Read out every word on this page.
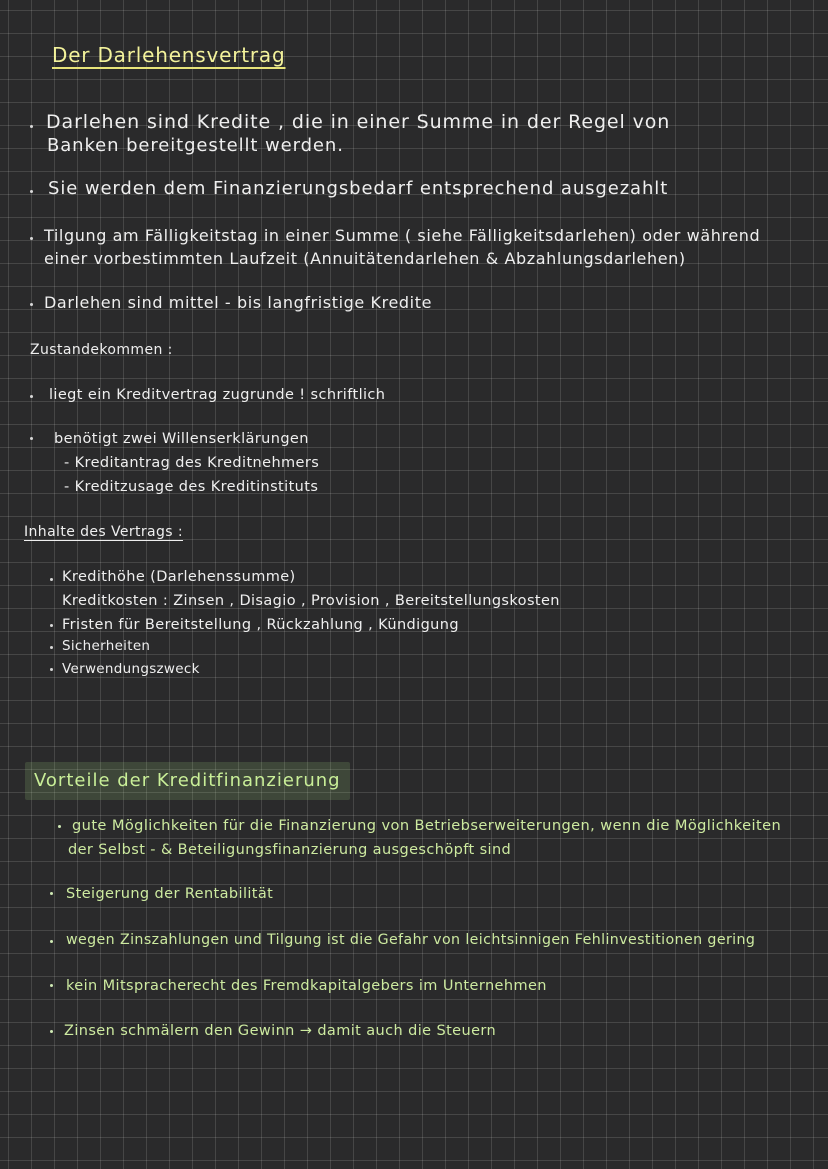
Der Darlehensvertrag
Darlehen sind Kredite , die in einer Summe in der Regel von
Banken bereitgestellt werden.
Sie werden dem Finanzierungsbedarf entsprechend ausgezahlt
Tilgung am Fälligkeitstag in einer Summe ( siehe Fälligkeitsdarlehen) oder während
einer vorbestimmten Laufzeit (Annuitätendarlehen & Abzahlungsdarlehen)
Darlehen sind mittel - bis langfristige Kredite
Zustandekommen :
liegt ein Kreditvertrag zugrunde ! schriftlich
benötigt zwei Willenserklärungen
- Kreditantrag des Kreditnehmers
- Kreditzusage des Kreditinstituts
Inhalte des Vertrags :
Kredithöhe (Darlehenssumme)
Kreditkosten : Zinsen , Disagio , Provision , Bereitstellungskosten
Fristen für Bereitstellung , Rückzahlung , Kündigung
Sicherheiten
Verwendungszweck
Vorteile der Kreditfinanzierung
gute Möglichkeiten für die Finanzierung von Betriebserweiterungen, wenn die Möglichkeiten
der Selbst - & Beteiligungsfinanzierung ausgeschöpft sind
Steigerung der Rentabilität
wegen Zinszahlungen und Tilgung ist die Gefahr von leichtsinnigen Fehlinvestitionen gering
kein Mitspracherecht des Fremdkapitalgebers im Unternehmen
Zinsen schmälern den Gewinn → damit auch die Steuern
